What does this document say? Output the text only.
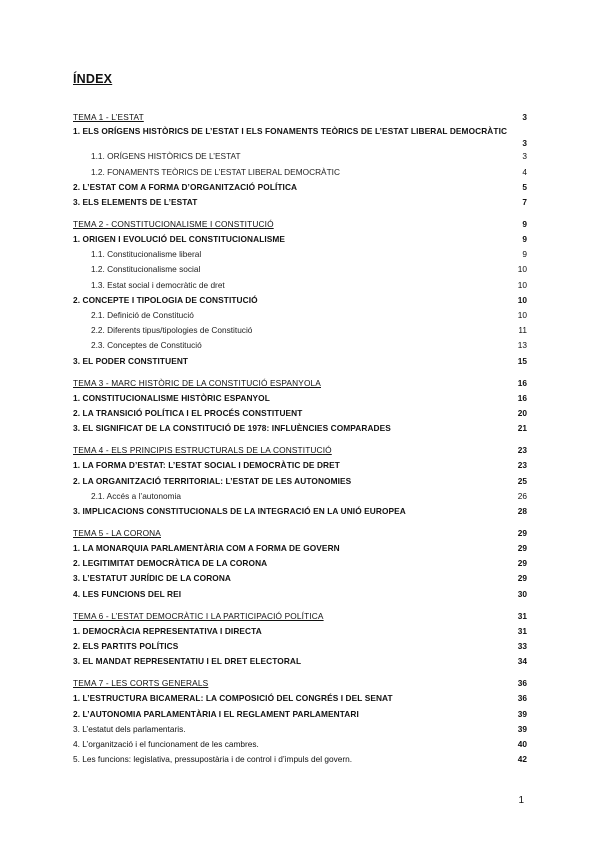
ÍNDEX
TEMA 1 - L’ESTAT	3
1. ELS ORÍGENS HISTÒRICS DE L’ESTAT I ELS FONAMENTS TEÒRICS DE L’ESTAT LIBERAL DEMOCRÀTIC
3
1.1. ORÍGENS HISTÒRICS DE L’ESTAT	3
1.2. FONAMENTS TEÒRICS DE L’ESTAT LIBERAL DEMOCRÀTIC	4
2. L’ESTAT COM A FORMA D’ORGANITZACIÓ POLÍTICA	5
3. ELS ELEMENTS DE L’ESTAT	7
TEMA 2 - CONSTITUCIONALISME I CONSTITUCIÓ	9
1. ORIGEN I EVOLUCIÓ DEL CONSTITUCIONALISME	9
1.1. Constitucionalisme liberal	9
1.2. Constitucionalisme social	10
1.3. Estat social i democràtic de dret	10
2. CONCEPTE I TIPOLOGIA DE CONSTITUCIÓ	10
2.1. Definició de Constitució	10
2.2. Diferents tipus/tipologies de Constitució	11
2.3. Conceptes de Constitució	13
3. EL PODER CONSTITUENT	15
TEMA 3 - MARC HISTÒRIC DE LA CONSTITUCIÓ ESPANYOLA	16
1. CONSTITUCIONALISME HISTÒRIC ESPANYOL	16
2. LA TRANSICIÓ POLÍTICA I EL PROCÉS CONSTITUENT	20
3. EL SIGNIFICAT DE LA CONSTITUCIÓ DE 1978: INFLUÈNCIES COMPARADES	21
TEMA 4 - ELS PRINCIPIS ESTRUCTURALS DE LA CONSTITUCIÓ	23
1. LA FORMA D’ESTAT: L’ESTAT SOCIAL I DEMOCRÀTIC DE DRET	23
2. LA ORGANITZACIÓ TERRITORIAL: L’ESTAT DE LES AUTONOMIES	25
2.1. Accés a l’autonomia	26
3. IMPLICACIONS CONSTITUCIONALS DE LA INTEGRACIÓ EN LA UNIÓ EUROPEA	28
TEMA 5 - LA CORONA	29
1. LA MONARQUIA PARLAMENTÀRIA COM A FORMA DE GOVERN	29
2. LEGITIMITAT DEMOCRÀTICA DE LA CORONA	29
3. L’ESTATUT JURÍDIC DE LA CORONA	29
4. LES FUNCIONS DEL REI	30
TEMA 6 - L’ESTAT DEMOCRÀTIC I LA PARTICIPACIÓ POLÍTICA	31
1. DEMOCRÀCIA REPRESENTATIVA I DIRECTA	31
2. ELS PARTITS POLÍTICS	33
3. EL MANDAT REPRESENTATIU I EL DRET ELECTORAL	34
TEMA 7 - LES CORTS GENERALS	36
1. L’ESTRUCTURA BICAMERAL: LA COMPOSICIÓ DEL CONGRÉS I DEL SENAT	36
2. L’AUTONOMIA PARLAMENTÀRIA I EL REGLAMENT PARLAMENTARI	39
3. L’estatut dels parlamentaris.	39
4. L’organització i el funcionament de les cambres.	40
5. Les funcions: legislativa, pressupostària i de control i d’impuls del govern.	42
1
